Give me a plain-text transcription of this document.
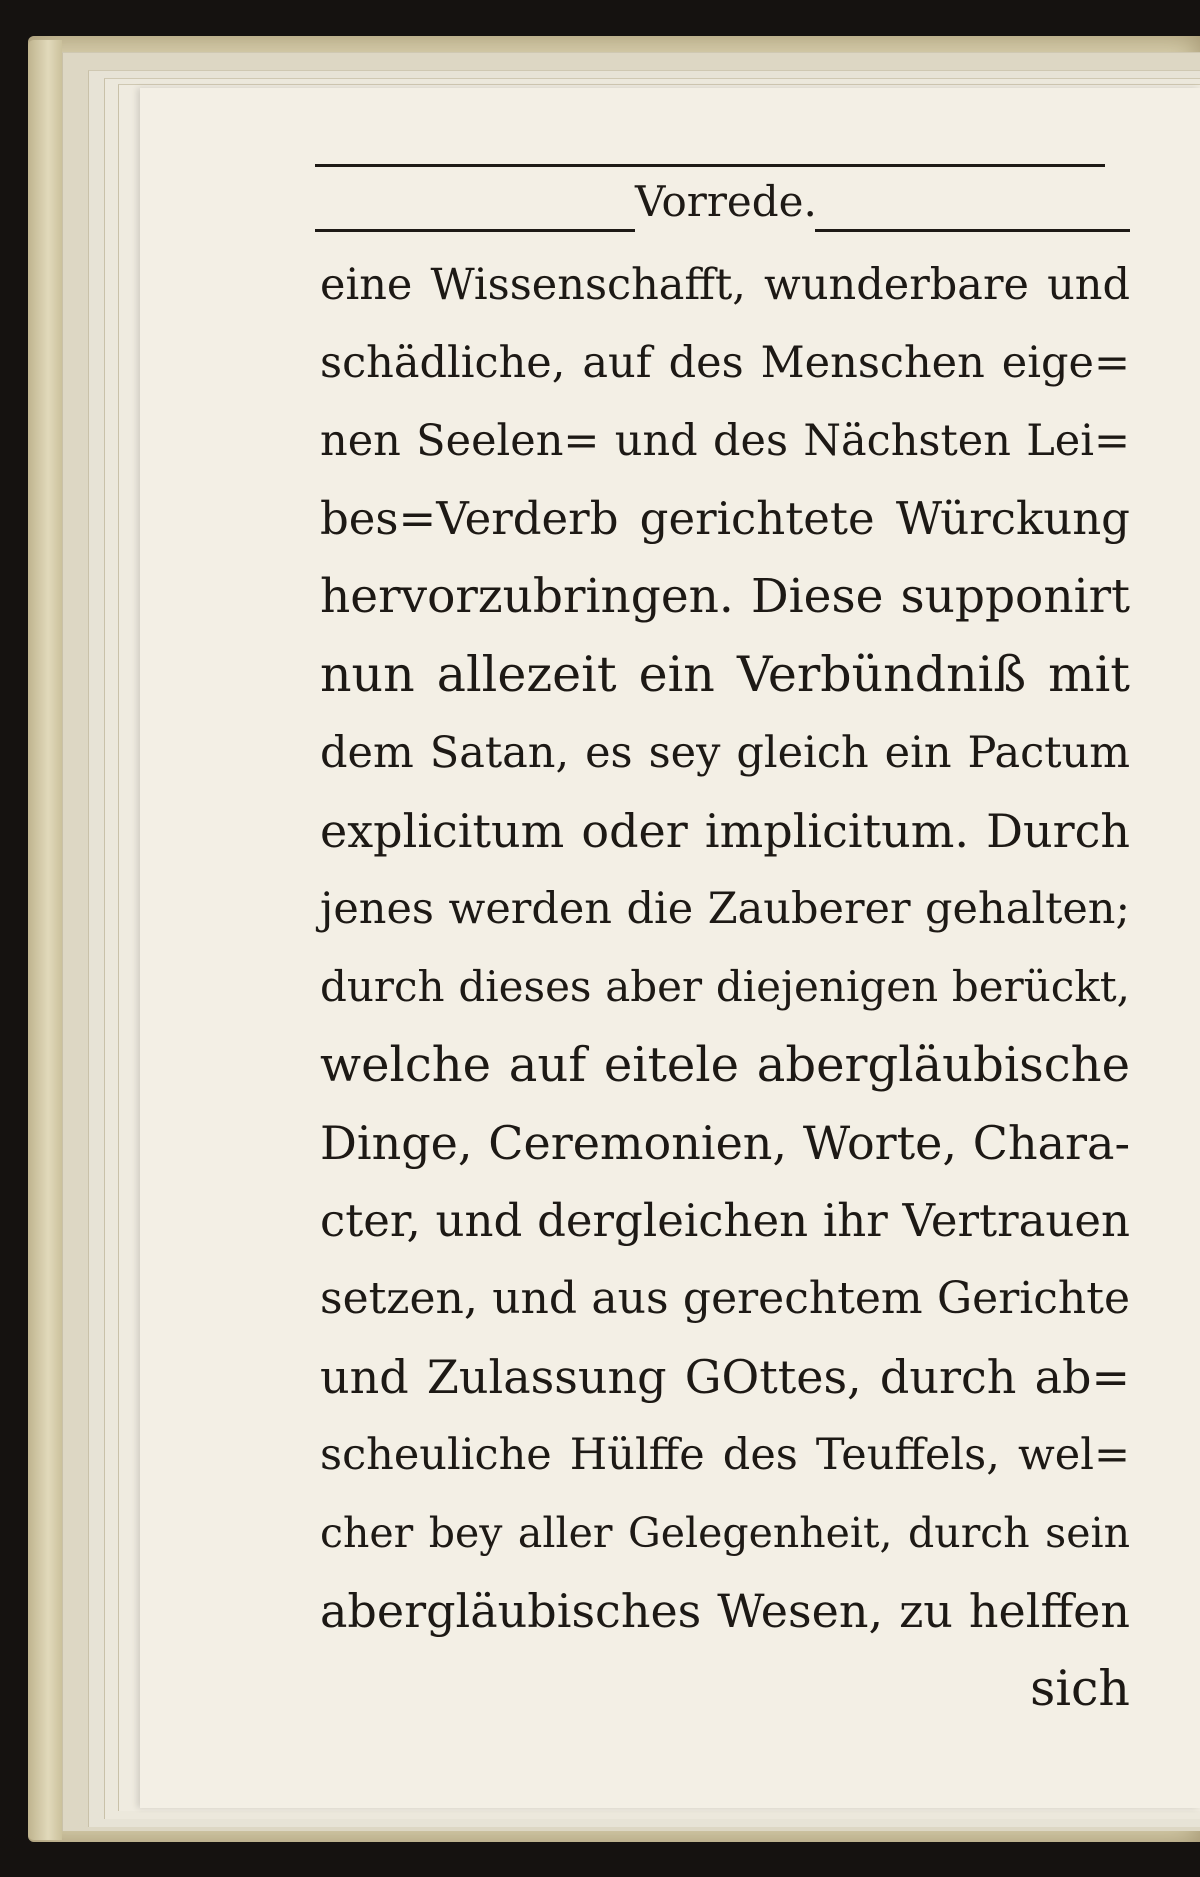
Vorrede.
eine Wissenschafft, wunderbare und
schädliche, auf des Menschen eige=
nen Seelen= und des Nächsten Lei=
bes=Verderb gerichtete Würckung
hervorzubringen. Diese supponirt
nun allezeit ein Verbündniß mit
dem Satan, es sey gleich ein Pactum
explicitum oder implicitum. Durch
jenes werden die Zauberer gehalten;
durch dieses aber diejenigen berückt,
welche auf eitele abergläubische
Dinge, Ceremonien, Worte, Chara-
cter, und dergleichen ihr Vertrauen
setzen, und aus gerechtem Gerichte
und Zulassung GOttes, durch ab=
scheuliche Hülffe des Teuffels, wel=
cher bey aller Gelegenheit, durch sein
abergläubisches Wesen, zu helffen
sich
